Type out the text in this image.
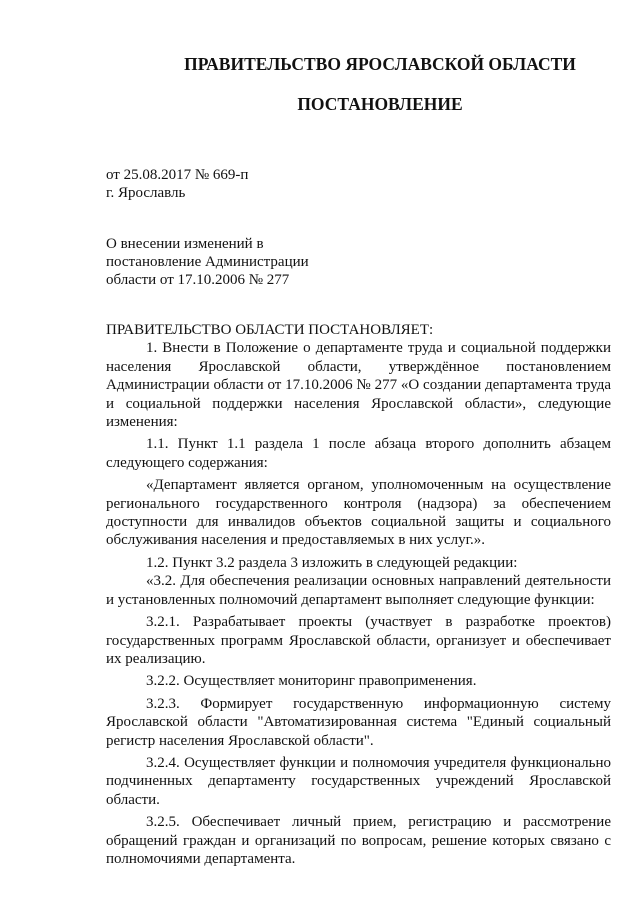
ПРАВИТЕЛЬСТВО ЯРОСЛАВСКОЙ ОБЛАСТИ
ПОСТАНОВЛЕНИЕ
от 25.08.2017 № 669-п
г. Ярославль
О внесении изменений в
постановление Администрации
области от 17.10.2006 № 277

ПРАВИТЕЛЬСТВО ОБЛАСТИ ПОСТАНОВЛЯЕТ:

1. Внести в Положение о департаменте труда и социальной поддержки населения Ярославской области, утверждённое постановлением Администрации области от 17.10.2006 № 277 «О создании департамента труда и социальной поддержки населения Ярославской области», следующие изменения:

1.1. Пункт 1.1 раздела 1 после абзаца второго дополнить абзацем следующего содержания:

«Департамент является органом, уполномоченным на осуществление регионального государственного контроля (надзора) за обеспечением доступности для инвалидов объектов социальной защиты и социального обслуживания населения и предоставляемых в них услуг.».

1.2. Пункт 3.2 раздела 3 изложить в следующей редакции:

«3.2. Для обеспечения реализации основных направлений деятельности и установленных полномочий департамент выполняет следующие функции:

3.2.1. Разрабатывает проекты (участвует в разработке проектов) государственных программ Ярославской области, организует и обеспечивает их реализацию.

3.2.2. Осуществляет мониторинг правоприменения.

3.2.3. Формирует государственную информационную систему Ярославской области "Автоматизированная система "Единый социальный регистр населения Ярославской области".

3.2.4. Осуществляет функции и полномочия учредителя функционально подчиненных департаменту государственных учреждений Ярославской области.

3.2.5. Обеспечивает личный прием, регистрацию и рассмотрение обращений граждан и организаций по вопросам, решение которых связано с полномочиями департамента.
